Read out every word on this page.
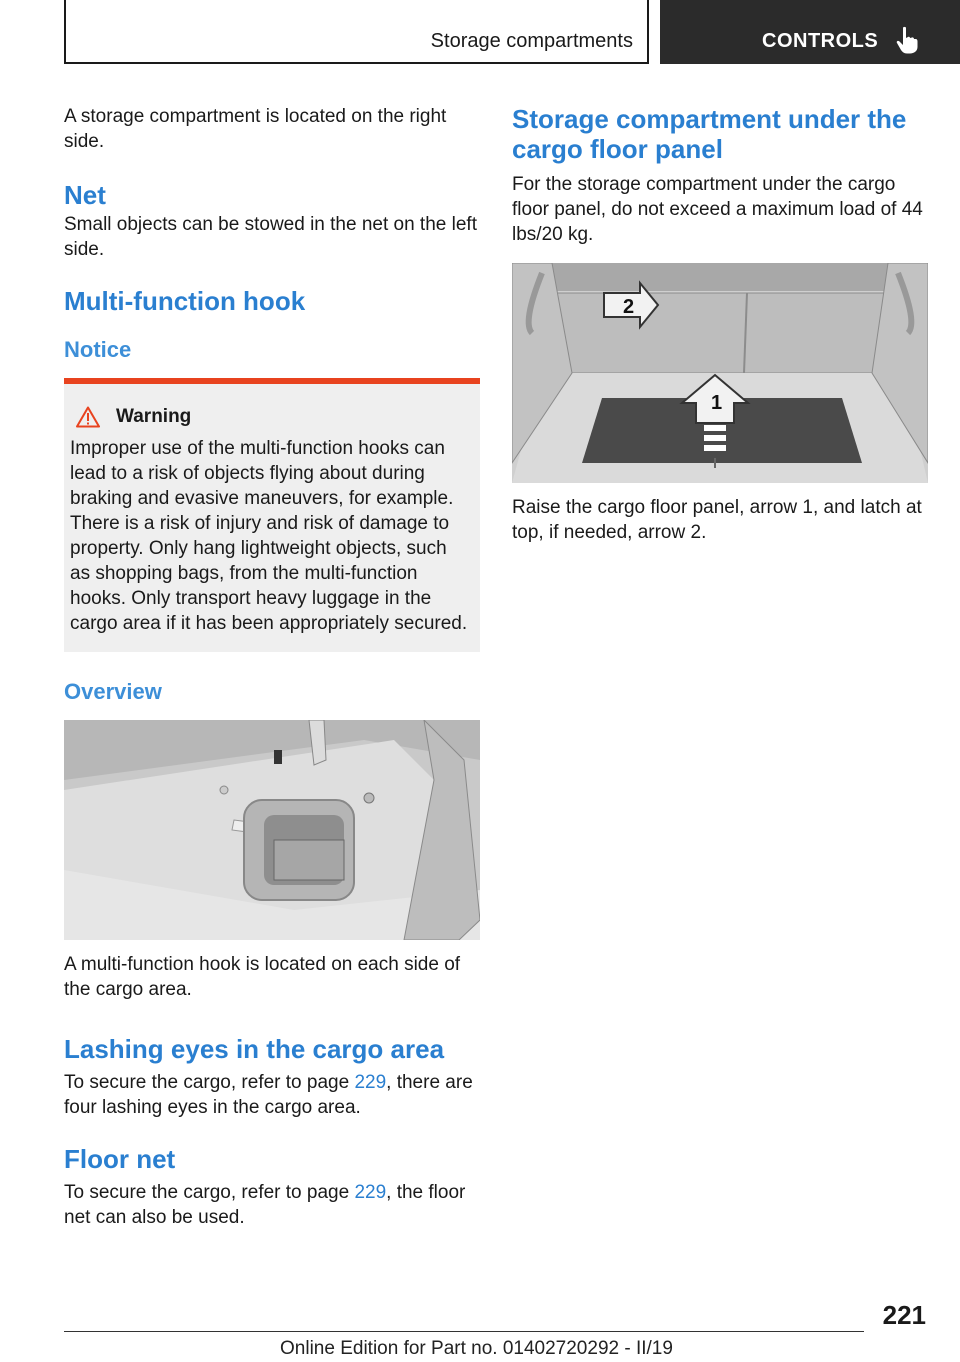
Storage compartments	CONTROLS

A storage compartment is located on the right side.

Net

Small objects can be stowed in the net on the left side.

Multi-function hook
Notice
Warning

Improper use of the multi-function hooks can lead to a risk of objects flying about during braking and evasive maneuvers, for example. There is a risk of injury and risk of damage to property. Only hang lightweight objects, such as shopping bags, from the multi-function hooks. Only transport heavy luggage in the cargo area if it has been appropriately secured.

Overview

A multi-function hook is located on each side of the cargo area.

Lashing eyes in the cargo area

To secure the cargo, refer to page 229, there are four lashing eyes in the cargo area.

Floor net

To secure the cargo, refer to page 229, the floor net can also be used.

Storage compartment under the cargo floor panel

For the storage compartment under the cargo floor panel, do not exceed a maximum load of 44 lbs/20 kg.

2
1

Raise the cargo floor panel, arrow 1, and latch at top, if needed, arrow 2.

221
Online Edition for Part no. 01402720292 - II/19
